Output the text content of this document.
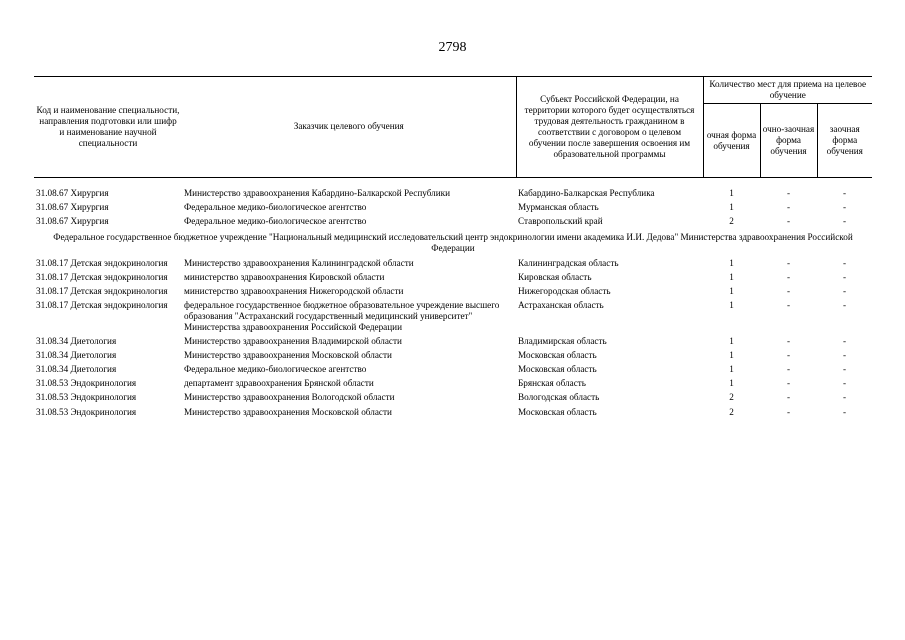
2798
Код и наименование специальности, направления подготовки или шифр и наименование научной специальности	Заказчик целевого обучения	Субъект Российской Федерации, на территории которого будет осуществляться трудовая деятельность гражданином в соответствии с договором о целевом обучении после завершения освоения им образовательной программы	Количество мест для приема на целевое обучение		
			очная форма обучения	очно-заочная форма обучения	заочная форма обучения

31.08.67 Хирургия	Министерство здравоохранения Кабардино-Балкарской Республики	Кабардино-Балкарская Республика	1	-	-
31.08.67 Хирургия	Федеральное медико-биологическое агентство	Мурманская область	1	-	-
31.08.67 Хирургия	Федеральное медико-биологическое агентство	Ставропольский край	2	-	-
Федеральное государственное бюджетное учреждение "Национальный медицинский исследовательский центр эндокринологии имени академика И.И. Дедова" Министерства здравоохранения Российской Федерации					
31.08.17 Детская эндокринология	Министерство здравоохранения Калининградской области	Калининградская область	1	-	-
31.08.17 Детская эндокринология	министерство здравоохранения Кировской области	Кировская область	1	-	-
31.08.17 Детская эндокринология	министерство здравоохранения Нижегородской области	Нижегородская область	1	-	-
31.08.17 Детская эндокринология	федеральное государственное бюджетное образовательное учреждение высшего образования "Астраханский государственный медицинский университет" Министерства здравоохранения Российской Федерации	Астраханская область	1	-	-
31.08.34 Диетология	Министерство здравоохранения Владимирской области	Владимирская область	1	-	-
31.08.34 Диетология	Министерство здравоохранения Московской области	Московская область	1	-	-
31.08.34 Диетология	Федеральное медико-биологическое агентство	Московская область	1	-	-
31.08.53 Эндокринология	департамент здравоохранения Брянской области	Брянская область	1	-	-
31.08.53 Эндокринология	Министерство здравоохранения Вологодской области	Вологодская область	2	-	-
31.08.53 Эндокринология	Министерство здравоохранения Московской области	Московская область	2	-	-
